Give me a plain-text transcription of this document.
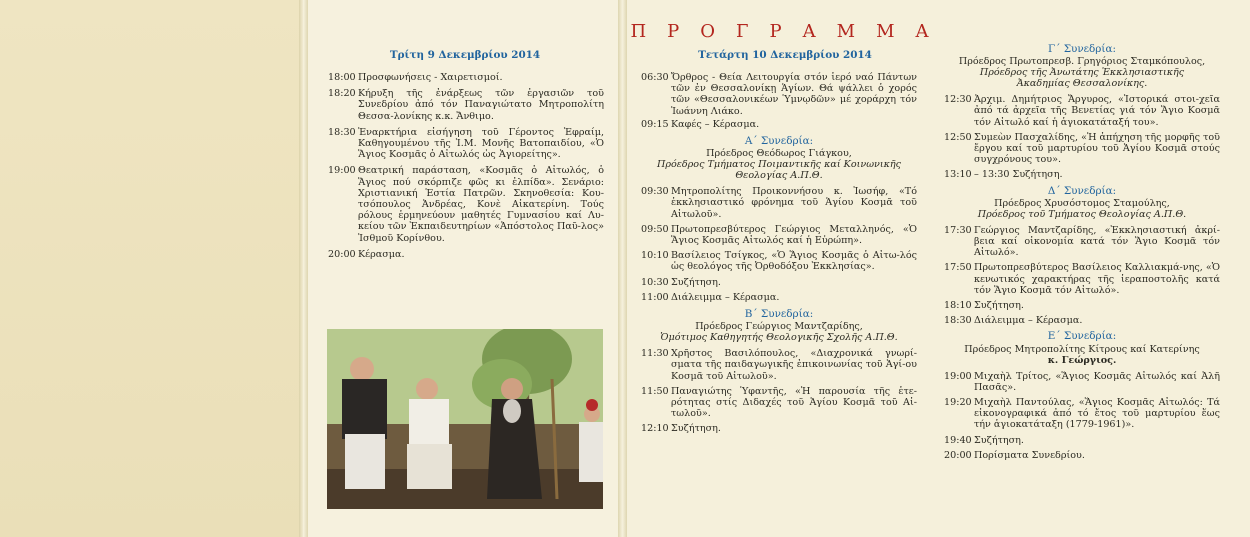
ΠΡΟΓΡΑΜΜΑ
Τρίτη 9 Δεκεμβρίου 2014
18:00 Προσφωνήσεις - Χαιρετισμοί.
18:20 Κήρυξη τῆς ἐνάρξεως τῶν ἐργασιῶν τοῦ Συνεδρίου ἀπό τόν Παναγιώτατο Μητροπολίτη Θεσσα-λονίκης κ.κ. Ἄνθιμο.
18:30 Ἐναρκτήρια εἰσήγηση τοῦ Γέροντος Ἐφραίμ, Καθηγουμένου τῆς Ἱ.Μ. Μονῆς Βατοπαιδίου, «Ὁ Ἅγιος Κοσμᾶς ὁ Αἰτωλός ὡς Ἁγιορείτης».
19:00 Θεατρική παράσταση, «Κοσμᾶς ὁ Αἰτωλός, ὁ Ἅγιος πού σκόρπιζε φῶς κι ἐλπίδα». Σενάριο: Χριστιανική Ἑστία Πατρῶν. Σκηνοθεσία: Κου-τσόπουλος Ἀνδρέας, Κονὲ Αἰκατερίνη. Τούς ρόλους ἑρμηνεύουν μαθητές Γυμνασίου καί Λυ-κείου τῶν Ἐκπαιδευτηρίων «Ἀπόστολος Παῦ-λος» Ἰσθμοῦ Κορίνθου.
20:00 Κέρασμα.
Τετάρτη 10 Δεκεμβρίου 2014
06:30 Ὄρθρος - Θεία Λειτουργία στόν ἱερό ναό Πάντων τῶν ἐν Θεσσαλονίκῃ Ἁγίων. Θά ψάλλει ὁ χορός τῶν «Θεσσαλονικέων Ὑμνῳδῶν» μέ χοράρχη τόν Ἰωάννη Λιάκο.
09:15 Καφές – Κέρασμα.
Α΄ Συνεδρία:
Πρόεδρος Θεόδωρος Γιάγκου,
Πρόεδρος Τμήματος Ποιμαντικῆς καί Κοινωνικῆς
Θεολογίας Α.Π.Θ.
09:30 Μητροπολίτης Προικοννήσου κ. Ἰωσήφ, «Τό ἐκκλησιαστικό φρόνημα τοῦ Ἁγίου Κοσμᾶ τοῦ Αἰτωλοῦ».
09:50 Πρωτοπρεσβύτερος Γεώργιος Μεταλληνός, «Ὁ Ἅγιος Κοσμᾶς Αἰτωλός καί ἡ Εὐρώπη».
10:10 Βασίλειος Τσίγκος, «Ὁ Ἅγιος Κοσμᾶς ὁ Αἰτω-λός ὡς θεολόγος τῆς Ὀρθοδόξου Ἐκκλησίας».
10:30 Συζήτηση.
11:00 Διάλειμμα – Κέρασμα.
Β΄ Συνεδρία:
Πρόεδρος Γεώργιος Μαντζαρίδης,
Ὁμότιμος Καθηγητής Θεολογικῆς Σχολῆς Α.Π.Θ.
11:30 Χρῆστος Βασιλόπουλος, «Διαχρονικά γνωρί-σματα τῆς παιδαγωγικῆς ἐπικοινωνίας τοῦ Ἁγί-ου Κοσμᾶ τοῦ Αἰτωλοῦ».
11:50 Παναγιώτης Ὑφαντῆς, «Ἡ παρουσία τῆς ἑτε-ρότητας στίς Διδαχές τοῦ Ἁγίου Κοσμᾶ τοῦ Αἰ-τωλοῦ».
12:10 Συζήτηση.
Γ΄ Συνεδρία:
Πρόεδρος Πρωτοπρεσβ. Γρηγόριος Σταμκόπουλος,
Πρόεδρος τῆς Ἀνωτάτης Ἐκκλησιαστικῆς
Ἀκαδημίας Θεσσαλονίκης.
12:30 Ἀρχιμ. Δημήτριος Ἄργυρος, «Ἱστορικά στοι-χεῖα ἀπό τά ἀρχεῖα τῆς Βενετίας γιά τόν Ἅγιο Κοσμᾶ τόν Αἰτωλό καί ἡ ἁγιοκατάταξή του».
12:50 Συμεὼν Πασχαλίδης, «Ἡ ἀπήχηση τῆς μορφῆς τοῦ ἔργου καί τοῦ μαρτυρίου τοῦ Ἁγίου Κοσμᾶ στούς συγχρόνους του».
13:10 – 13:30 Συζήτηση.
Δ΄ Συνεδρία:
Πρόεδρος Χρυσόστομος Σταμούλης,
Πρόεδρος τοῦ Τμήματος Θεολογίας Α.Π.Θ.
17:30 Γεώργιος Μαντζαρίδης, «Ἐκκλησιαστική ἀκρί-βεια καί οἰκονομία κατά τόν Ἅγιο Κοσμᾶ τόν Αἰτωλό».
17:50 Πρωτοπρεσβύτερος Βασίλειος Καλλιακμά-νης, «Ὁ κενωτικός χαρακτήρας τῆς ἱεραποστολῆς κατά τόν Ἅγιο Κοσμᾶ τόν Αἰτωλό».
18:10 Συζήτηση.
18:30 Διάλειμμα – Κέρασμα.
Ε΄ Συνεδρία:
Πρόεδρος Μητροπολίτης Κίτρους καί Κατερίνης
κ. Γεώργιος.
19:00 Μιχαὴλ Τρίτος, «Ἅγιος Κοσμᾶς Αἰτωλός καί Ἀλῆ Πασᾶς».
19:20 Μιχαὴλ Παντούλας, «Ἅγιος Κοσμᾶς Αἰτωλός: Τά εἰκονογραφικά ἀπό τό ἔτος τοῦ μαρτυρίου ἕως τήν ἁγιοκατάταξη (1779-1961)».
19:40 Συζήτηση.
20:00 Πορίσματα Συνεδρίου.
